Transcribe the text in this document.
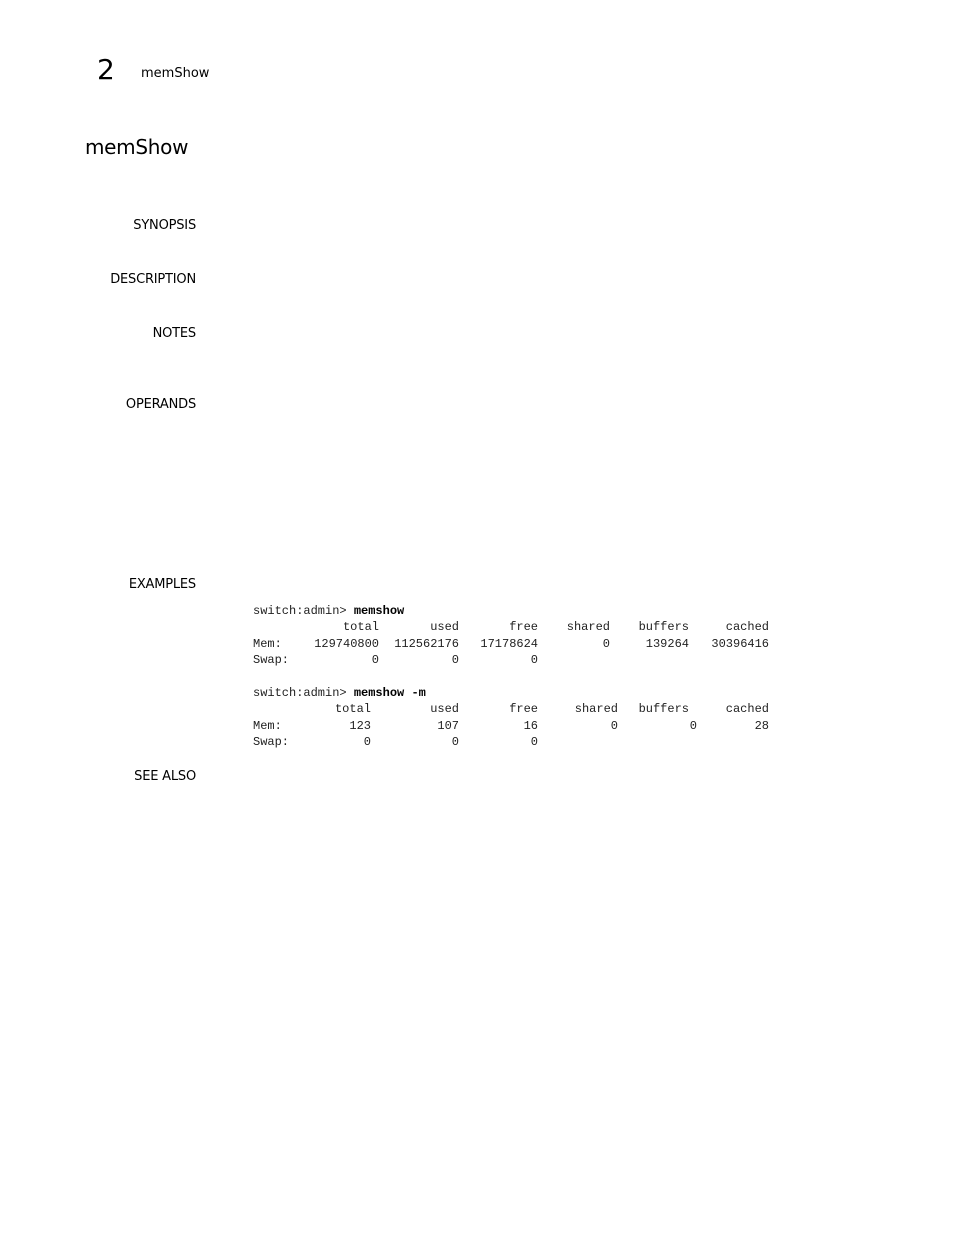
2 memShow
memShow
SYNOPSIS
DESCRIPTION
NOTES
OPERANDS
EXAMPLES
switch:admin> memshow
total	used	free shared buffers	cached
Mem:	129740800 112562176 17178624	0	139264 30396416
Swap:	0	0	0
switch:admin> memshow -m
total	used	free	shared buffers	cached
Mem:	123	107	16	0	0	28
Swap:	0	0	0
SEE ALSO
